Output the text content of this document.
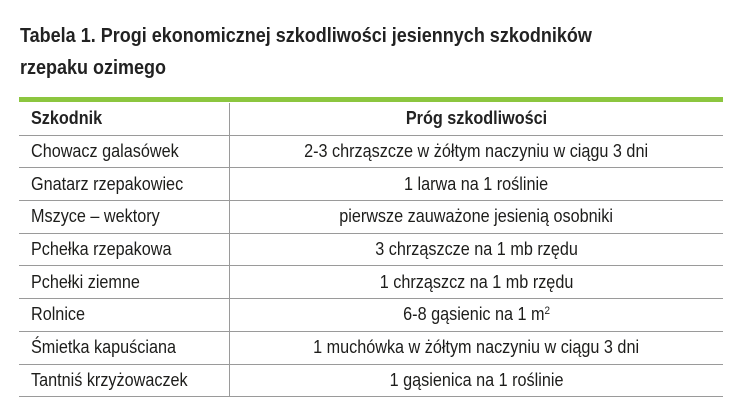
Tabela 1. Progi ekonomicznej szkodliwości jesiennych szkodników
rzepaku ozimego
Szkodnik	Próg szkodliwości
Chowacz galasówek	2-3 chrząszcze w żółtym naczyniu w ciągu 3 dni
Gnatarz rzepakowiec	1 larwa na 1 roślinie
Mszyce – wektory	pierwsze zauważone jesienią osobniki
Pchełka rzepakowa	3 chrząszcze na 1 mb rzędu
Pchełki ziemne	1 chrząszcz na 1 mb rzędu
Rolnice	6-8 gąsienic na 1 $m^2$
Śmietka kapuściana	1 muchówka w żółtym naczyniu w ciągu 3 dni
Tantniś krzyżowaczek	1 gąsienica na 1 roślinie
